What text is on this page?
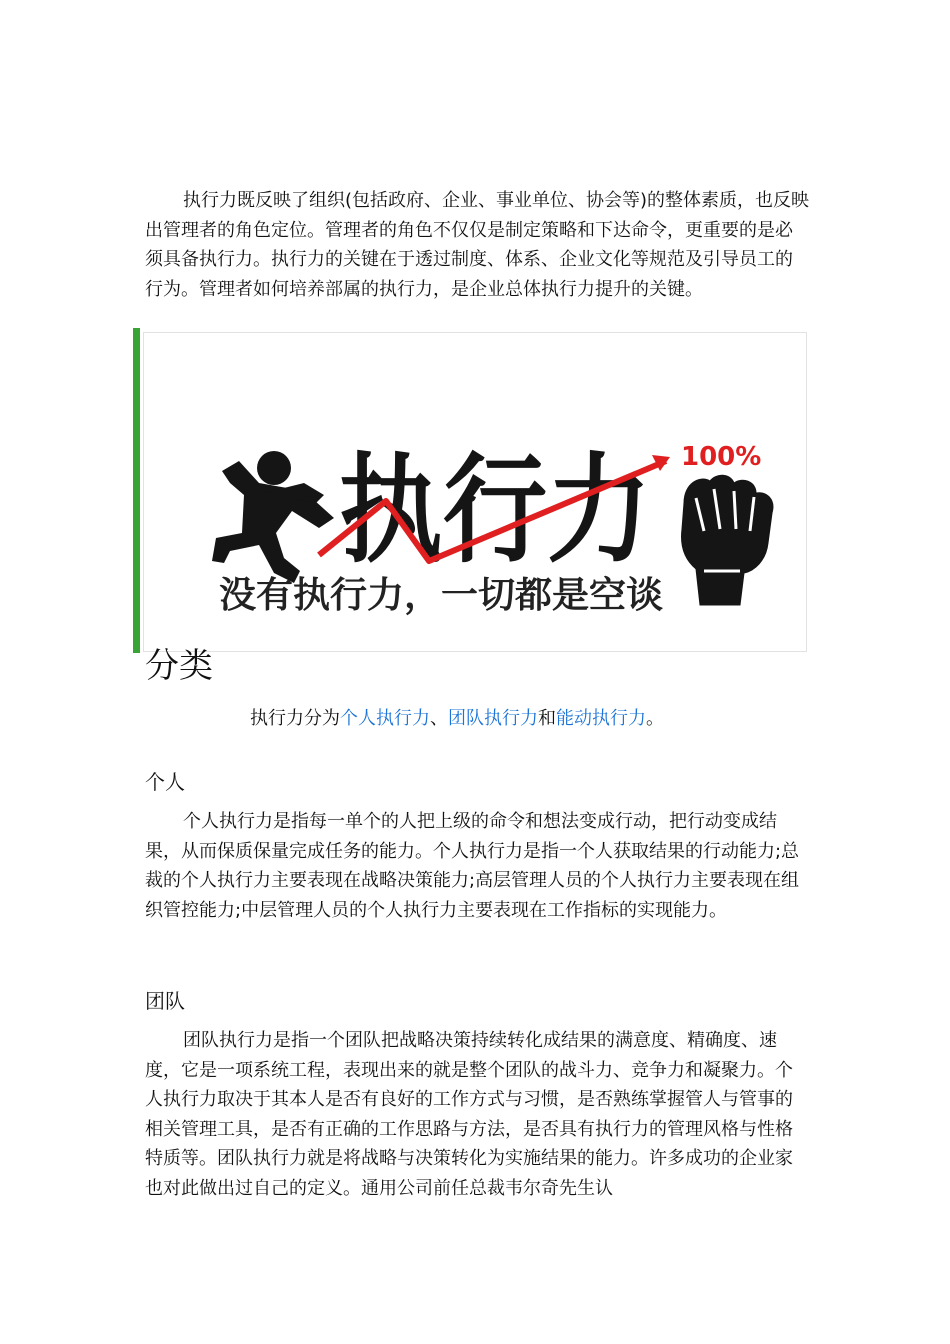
执行力既反映了组织(包括政府、企业、事业单位、协会等)的整体素质，也反映出管理者的角色定位。管理者的角色不仅仅是制定策略和下达命令，更重要的是必须具备执行力。执行力的关键在于透过制度、体系、企业文化等规范及引导员工的行为。管理者如何培养部属的执行力，是企业总体执行力提升的关键。

执行力 100%
没有执行力，一切都是空谈
分类

执行力分为个人执行力、团队执行力和能动执行力。

个人

个人执行力是指每一单个的人把上级的命令和想法变成行动，把行动变成结果，从而保质保量完成任务的能力。个人执行力是指一个人获取结果的行动能力;总裁的个人执行力主要表现在战略决策能力;高层管理人员的个人执行力主要表现在组织管控能力;中层管理人员的个人执行力主要表现在工作指标的实现能力。

团队

团队执行力是指一个团队把战略决策持续转化成结果的满意度、精确度、速度，它是一项系统工程，表现出来的就是整个团队的战斗力、竞争力和凝聚力。个人执行力取决于其本人是否有良好的工作方式与习惯，是否熟练掌握管人与管事的相关管理工具，是否有正确的工作思路与方法，是否具有执行力的管理风格与性格特质等。团队执行力就是将战略与决策转化为实施结果的能力。许多成功的企业家也对此做出过自己的定义。通用公司前任总裁韦尔奇先生认
